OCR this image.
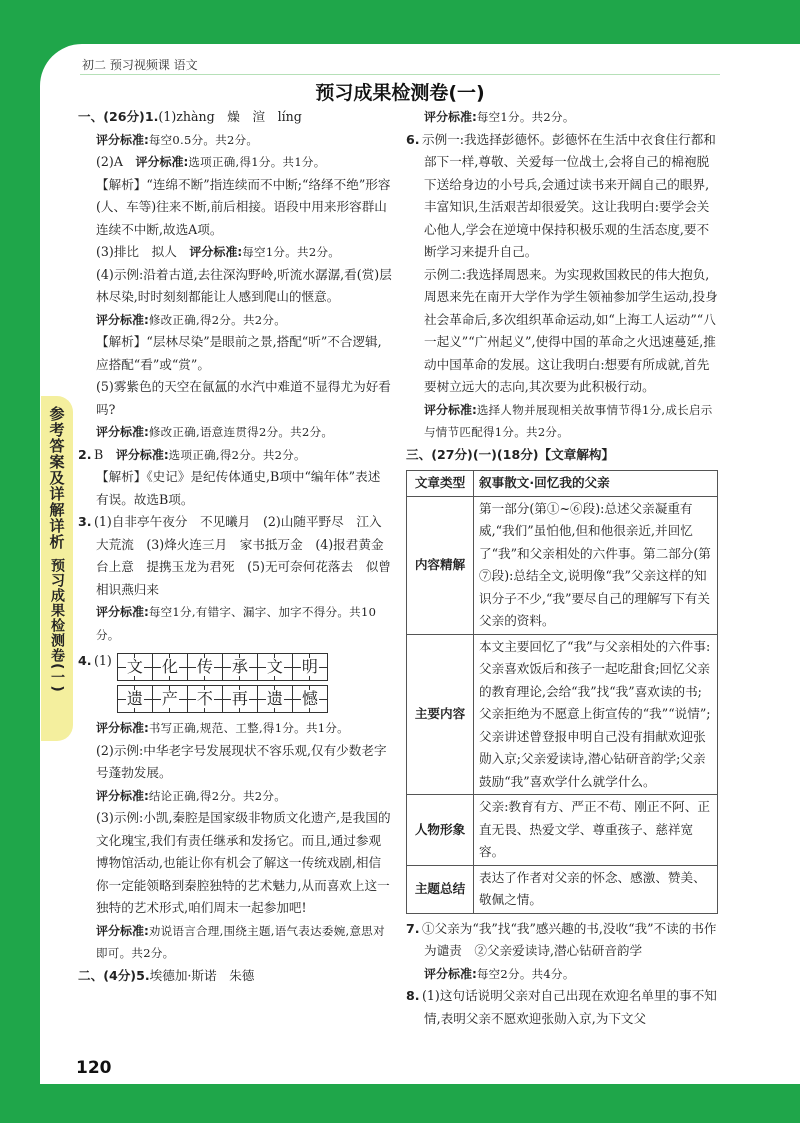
初二 预习视频课 语文
预习成果检测卷(一)
参考答案及详解详析
预习成果检测卷(一)

一、(26分)1.(1)zhàng　燥　渲　líng

评分标准:每空0.5分。共2分。

(2)A　评分标准:选项正确,得1分。共1分。

【解析】“连绵不断”指连续而不中断;“络绎不绝”形容(人、车等)往来不断,前后相接。语段中用来形容群山连续不中断,故选A项。

(3)排比　拟人　评分标准:每空1分。共2分。

(4)示例:沿着古道,去往深沟野岭,听流水潺潺,看(赏)层林尽染,时时刻刻都能让人感到爬山的惬意。

评分标准:修改正确,得2分。共2分。

【解析】“层林尽染”是眼前之景,搭配“听”不合逻辑,应搭配“看”或“赏”。

(5)雾紫色的天空在氤氲的水汽中难道不显得尤为好看吗?

评分标准:修改正确,语意连贯得2分。共2分。

2. B　评分标准:选项正确,得2分。共2分。

【解析】《史记》是纪传体通史,B项中“编年体”表述有误。故选B项。

3. (1)自非亭午夜分　不见曦月　(2)山随平野尽　江入大荒流　(3)烽火连三月　家书抵万金　(4)报君黄金台上意　提携玉龙为君死　(5)无可奈何花落去　似曾相识燕归来

评分标准:每空1分,有错字、漏字、加字不得分。共10分。

4. (1) 文 化 传 承 文 明
遗 产 不 再 遗 憾

评分标准:书写正确,规范、工整,得1分。共1分。

(2)示例:中华老字号发展现状不容乐观,仅有少数老字号蓬勃发展。

评分标准:结论正确,得2分。共2分。

(3)示例:小凯,秦腔是国家级非物质文化遗产,是我国的文化瑰宝,我们有责任继承和发扬它。而且,通过参观博物馆活动,也能让你有机会了解这一传统戏剧,相信你一定能领略到秦腔独特的艺术魅力,从而喜欢上这一独特的艺术形式,咱们周末一起参加吧!

评分标准:劝说语言合理,围绕主题,语气表达委婉,意思对即可。共2分。

二、(4分)5.埃德加·斯诺　朱德

评分标准:每空1分。共2分。

6. 示例一:我选择彭德怀。彭德怀在生活中衣食住行都和部下一样,尊敬、关爱每一位战士,会将自己的棉袍脱下送给身边的小号兵,会通过读书来开阔自己的眼界,丰富知识,生活艰苦却很爱笑。这让我明白:要学会关心他人,学会在逆境中保持积极乐观的生活态度,要不断学习来提升自己。

示例二:我选择周恩来。为实现救国救民的伟大抱负,周恩来先在南开大学作为学生领袖参加学生运动,投身社会革命后,多次组织革命运动,如“上海工人运动”“八一起义”“广州起义”,使得中国的革命之火迅速蔓延,推动中国革命的发展。这让我明白:想要有所成就,首先要树立远大的志向,其次要为此积极行动。

评分标准:选择人物并展现相关故事情节得1分,成长启示与情节匹配得1分。共2分。

三、(27分)(一)(18分)【文章解构】

文章类型	叙事散文·回忆我的父亲
内容精解	第一部分(第①~⑥段):总述父亲凝重有威,“我们”虽怕他,但和他很亲近,并回忆了“我”和父亲相处的六件事。第二部分(第⑦段):总结全文,说明像“我”父亲这样的知识分子不少,“我”要尽自己的理解写下有关父亲的资料。
主要内容	本文主要回忆了“我”与父亲相处的六件事:父亲喜欢饭后和孩子一起吃甜食;回忆父亲的教育理论,会给“我”找“我”喜欢读的书;父亲拒绝为不愿意上街宣传的“我”“说情”;父亲讲述曾登报申明自己没有捐献欢迎张勋入京;父亲爱读诗,潜心钻研音韵学;父亲鼓励“我”喜欢学什么就学什么。
人物形象	父亲:教育有方、严正不苟、刚正不阿、正直无畏、热爱文学、尊重孩子、慈祥宽容。
主题总结	表达了作者对父亲的怀念、感激、赞美、敬佩之情。

7. ①父亲为“我”找“我”感兴趣的书,没收“我”不读的书作为谴责　②父亲爱读诗,潜心钻研音韵学

评分标准:每空2分。共4分。

8. (1)这句话说明父亲对自己出现在欢迎名单里的事不知情,表明父亲不愿欢迎张勋入京,为下文父

120
